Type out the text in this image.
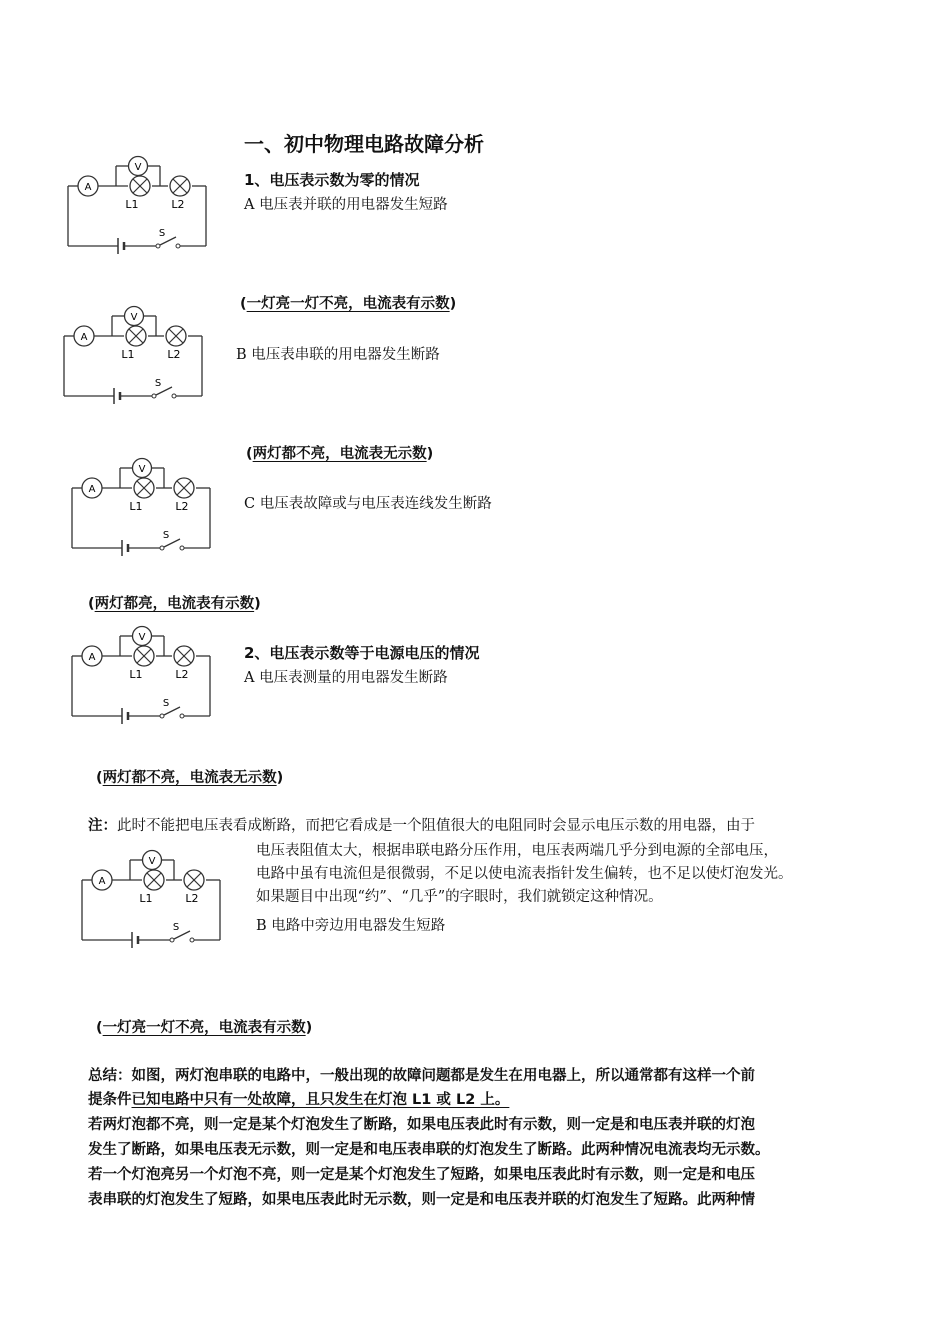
一、初中物理电路故障分析
A
V
L1	L2
S
1、电压表示数为零的情况
A 电压表并联的用电器发生短路
(一灯亮一灯不亮，电流表有示数)
A
V
L1	L2
S
B 电压表串联的用电器发生断路
(两灯都不亮，电流表无示数)
A
V
L1	L2
S
C 电压表故障或与电压表连线发生断路
(两灯都亮，电流表有示数)
A
V
L1	L2
S
2、电压表示数等于电源电压的情况
A 电压表测量的用电器发生断路
(两灯都不亮，电流表无示数)
注：此时不能把电压表看成断路，而把它看成是一个阻值很大的电阻同时会显示电压示数的用电器，由于
电压表阻值太大，根据串联电路分压作用，电压表两端几乎分到电源的全部电压，
电路中虽有电流但是很微弱，不足以使电流表指针发生偏转，也不足以使灯泡发光。
如果题目中出现“约”、“几乎”的字眼时，我们就锁定这种情况。
B 电路中旁边用电器发生短路
A
V
L1	L2
S
(一灯亮一灯不亮，电流表有示数)
总结：如图，两灯泡串联的电路中，一般出现的故障问题都是发生在用电器上，所以通常都有这样一个前
提条件已知电路中只有一处故障，且只发生在灯泡 L1 或 L2 上。
若两灯泡都不亮，则一定是某个灯泡发生了断路，如果电压表此时有示数，则一定是和电压表并联的灯泡
发生了断路，如果电压表无示数，则一定是和电压表串联的灯泡发生了断路。此两种情况电流表均无示数。
若一个灯泡亮另一个灯泡不亮，则一定是某个灯泡发生了短路，如果电压表此时有示数，则一定是和电压
表串联的灯泡发生了短路，如果电压表此时无示数，则一定是和电压表并联的灯泡发生了短路。此两种情
